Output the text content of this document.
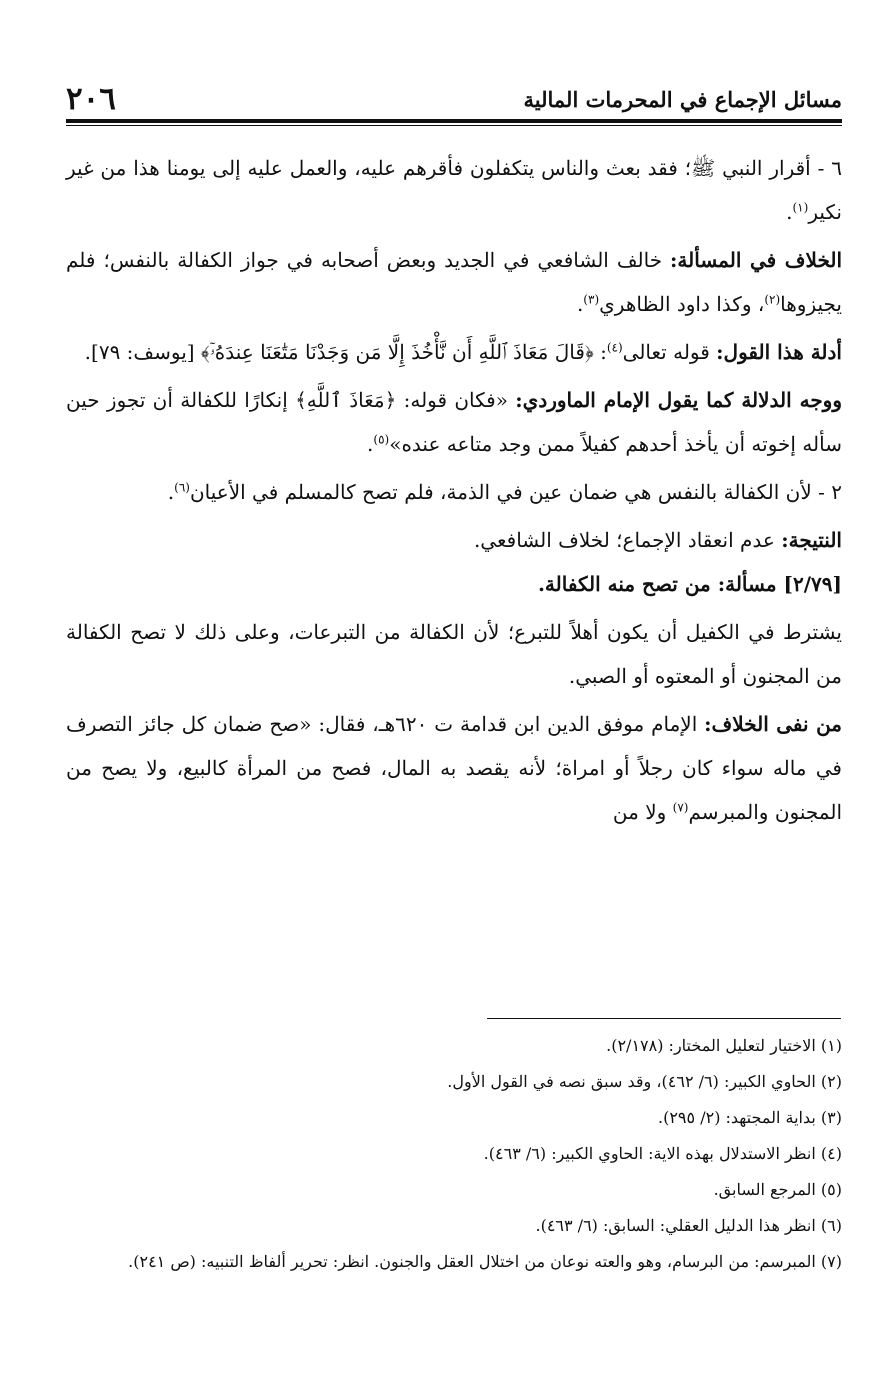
مسائل الإجماع في المحرمات المالية
٢٠٦

٦ - أقرار النبي ﷺ؛ فقد بعث والناس يتكفلون فأقرهم عليه، والعمل عليه إلى يومنا هذا من غير نكير$^{(١)}$.

الخلاف في المسألة: خالف الشافعي في الجديد وبعض أصحابه في جواز الكفالة بالنفس؛ فلم يجيزوها$^{(٢)}$، وكذا داود الظاهري$^{(٣)}$.

أدلة هذا القول: قوله تعالى$^{(٤)}$: ﴿قَالَ مَعَاذَ ٱللَّهِ أَن نَّأْخُذَ إِلَّا مَن وَجَدْنَا مَتَٰعَنَا عِندَهُۥٓ﴾ [يوسف: ٧٩].

ووجه الدلالة كما يقول الإمام الماوردي: «فكان قوله: ﴿مَعَاذَ ٱللَّهِ﴾ إنكارًا للكفالة أن تجوز حين سأله إخوته أن يأخذ أحدهم كفيلاً ممن وجد متاعه عنده»$^{(٥)}$.

٢ - لأن الكفالة بالنفس هي ضمان عين في الذمة، فلم تصح كالمسلم في الأعيان$^{(٦)}$.

النتيجة: عدم انعقاد الإجماع؛ لخلاف الشافعي.

[٢/٧٩] مسألة: من تصح منه الكفالة.

يشترط في الكفيل أن يكون أهلاً للتبرع؛ لأن الكفالة من التبرعات، وعلى ذلك لا تصح الكفالة من المجنون أو المعتوه أو الصبي.

من نفى الخلاف: الإمام موفق الدين ابن قدامة ت ٦٢٠هـ، فقال: «صح ضمان كل جائز التصرف في ماله سواء كان رجلاً أو امراة؛ لأنه يقصد به المال، فصح من المرأة كالبيع، ولا يصح من المجنون والمبرسم$^{(٧)}$ ولا من

(١) الاختيار لتعليل المختار: (٢/١٧٨).

(٢) الحاوي الكبير: (٦/ ٤٦٢)، وقد سبق نصه في القول الأول.

(٣) بداية المجتهد: (٢/ ٢٩٥).

(٤) انظر الاستدلال بهذه الاية: الحاوي الكبير: (٦/ ٤٦٣).

(٥) المرجع السابق.

(٦) انظر هذا الدليل العقلي: السابق: (٦/ ٤٦٣).

(٧) المبرسم: من البرسام، وهو والعته نوعان من اختلال العقل والجنون. انظر: تحرير ألفاظ التنبيه: (ص ٢٤١).
